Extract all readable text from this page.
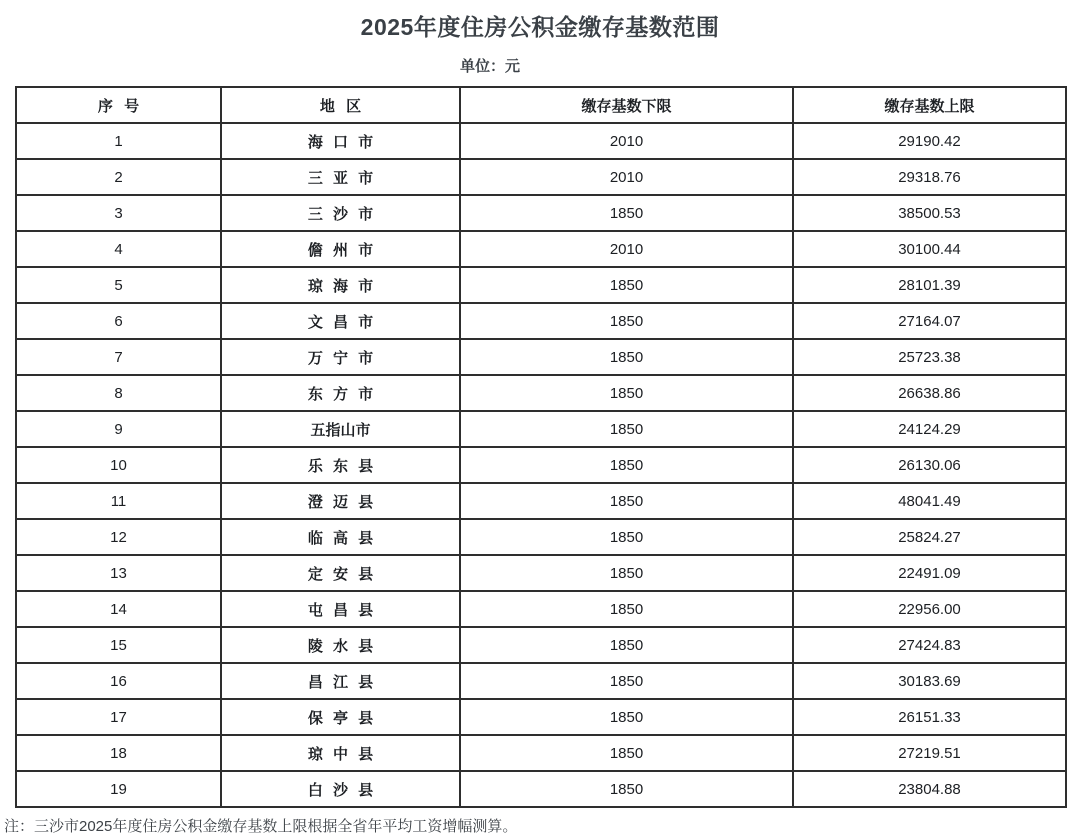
2025年度住房公积金缴存基数范围
单位：元
序 号	地 区	缴存基数下限	缴存基数上限
1	海 口 市	2010	29190.42
2	三 亚 市	2010	29318.76
3	三 沙 市	1850	38500.53
4	儋 州 市	2010	30100.44
5	琼 海 市	1850	28101.39
6	文 昌 市	1850	27164.07
7	万 宁 市	1850	25723.38
8	东 方 市	1850	26638.86
9	五指山市	1850	24124.29
10	乐 东 县	1850	26130.06
11	澄 迈 县	1850	48041.49
12	临 高 县	1850	25824.27
13	定 安 县	1850	22491.09
14	屯 昌 县	1850	22956.00
15	陵 水 县	1850	27424.83
16	昌 江 县	1850	30183.69
17	保 亭 县	1850	26151.33
18	琼 中 县	1850	27219.51
19	白 沙 县	1850	23804.88
注：三沙市2025年度住房公积金缴存基数上限根据全省年平均工资增幅测算。
